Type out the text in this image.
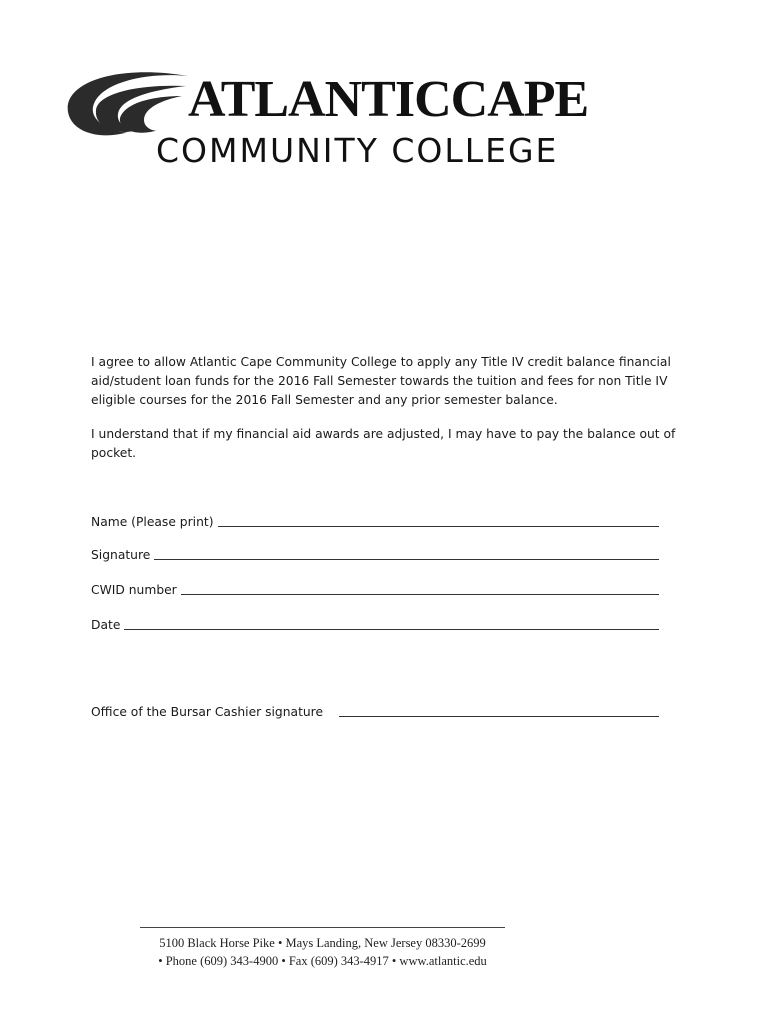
ATLANTICCAPE
COMMUNITY COLLEGE
I agree to allow Atlantic Cape Community College to apply any Title IV credit balance financial aid/student loan funds for the 2016 Fall Semester towards the tuition and fees for non Title IV eligible courses for the 2016 Fall Semester and any prior semester balance.
I understand that if my financial aid awards are adjusted, I may have to pay the balance out of pocket.
Name (Please print)
Signature
CWID number
Date
Office of the Bursar Cashier signature
5100 Black Horse Pike • Mays Landing, New Jersey 08330-2699
• Phone (609) 343-4900 • Fax (609) 343-4917 • www.atlantic.edu
